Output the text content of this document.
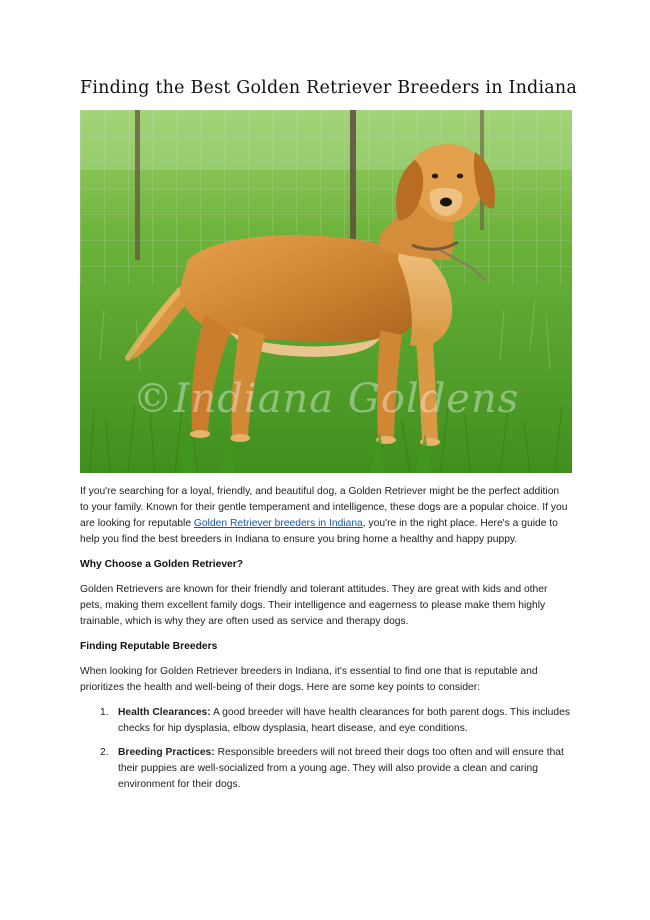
Finding the Best Golden Retriever Breeders in Indiana
©Indiana Goldens

If you're searching for a loyal, friendly, and beautiful dog, a Golden Retriever might be the perfect addition to your family. Known for their gentle temperament and intelligence, these dogs are a popular choice. If you are looking for reputable Golden Retriever breeders in Indiana, you're in the right place. Here's a guide to help you find the best breeders in Indiana to ensure you bring home a healthy and happy puppy.

Why Choose a Golden Retriever?

Golden Retrievers are known for their friendly and tolerant attitudes. They are great with kids and other pets, making them excellent family dogs. Their intelligence and eagerness to please make them highly trainable, which is why they are often used as service and therapy dogs.

Finding Reputable Breeders

When looking for Golden Retriever breeders in Indiana, it's essential to find one that is reputable and prioritizes the health and well-being of their dogs. Here are some key points to consider:

1. Health Clearances: A good breeder will have health clearances for both parent dogs. This includes checks for hip dysplasia, elbow dysplasia, heart disease, and eye conditions.
2. Breeding Practices: Responsible breeders will not breed their dogs too often and will ensure that their puppies are well-socialized from a young age. They will also provide a clean and caring environment for their dogs.
